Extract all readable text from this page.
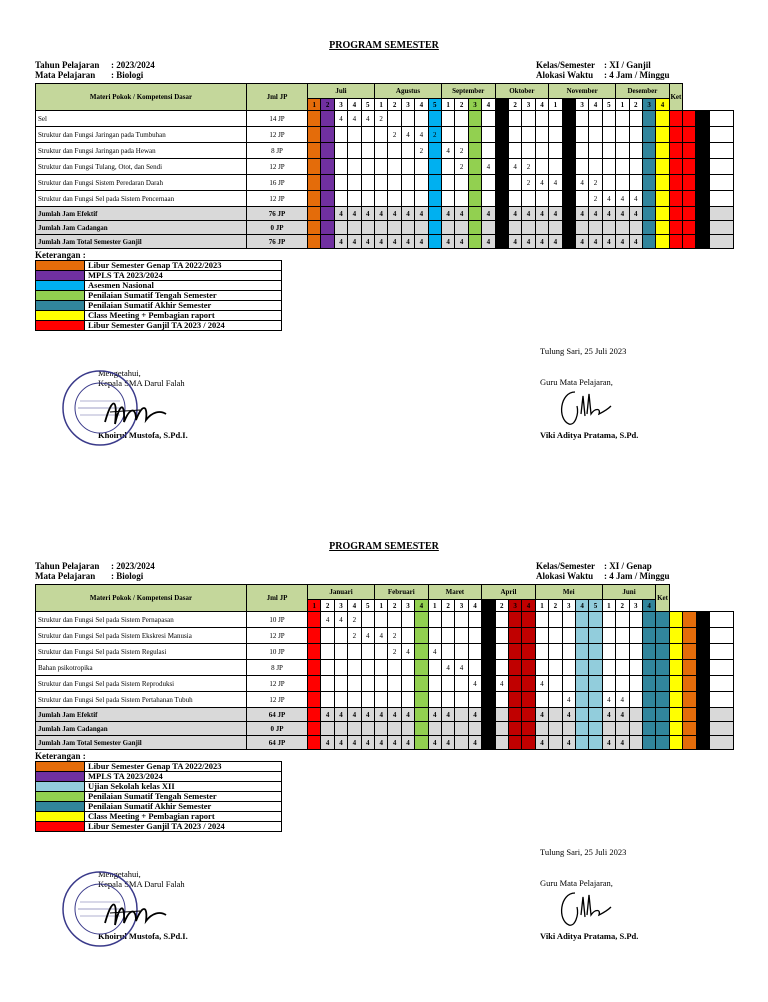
PROGRAM SEMESTER
Tahun Pelajaran : 2023/2024
Mata Pelajaran : Biologi
Kelas/Semester : XI / Ganjil
Alokasi Waktu : 4 Jam / Minggu
Materi Pokok / Kompetensi Dasar	Jml JP	Juli					Agustus					September				Oktober				November					Desember				Ket			
		1	2	3	4	5	1	2	3	4	5	1	2	3	4	1	2	3	4	1	2	3	4	5	1	2	3	4				
Sel	14 JP			4	4	4	2																									
Struktur dan Fungsi Jaringan pada Tumbuhan	12 JP							2	4	4	2																					
Struktur dan Fungsi Jaringan pada Hewan	8 JP									2		4	2																			
Struktur dan Fungsi Tulang, Otot, dan Sendi	12 JP												2		4		4	2														
Struktur dan Fungsi Sistem Peredaran Darah	16 JP																	2	4	4		4	2									
Struktur dan Fungsi Sel pada Sistem Pencernaan	12 JP																						2	4	4	4						
Jumlah Jam Efektif	76 JP			4	4	4	4	4	4	4		4	4		4		4	4	4	4		4	4	4	4	4						
Jumlah Jam Cadangan	0 JP																															
Jumlah Jam Total Semester Ganjil	76 JP			4	4	4	4	4	4	4		4	4		4		4	4	4	4		4	4	4	4	4						
Keterangan :
	Libur Semester Genap TA 2022/2023
	MPLS TA 2023/2024
	Asesmen Nasional
	Penilaian Sumatif Tengah Semester
	Penilaian Sumatif Akhir Semester
	Class Meeting + Pembagian raport
	Libur Semester Ganjil TA 2023 / 2024
Tulung Sari, 25 Juli 2023
Mengetahui,
Kepala SMA Darul Falah
Khoirul Mustofa, S.Pd.I.
Guru Mata Pelajaran,
Viki Aditya Pratama, S.Pd.
PROGRAM SEMESTER
Tahun Pelajaran : 2023/2024
Mata Pelajaran : Biologi
Kelas/Semester : XI / Genap
Alokasi Waktu : 4 Jam / Minggu
Materi Pokok / Kompetensi Dasar	Jml JP	Januari					Februari				Maret				April				Mei					Juni				Ket				
		1	2	3	4	5	1	2	3	4	1	2	3	4	1	2	3	4	1	2	3	4	5	1	2	3	4					
Struktur dan Fungsi Sel pada Sistem Pernapasan	10 JP		4	4	2																											
Struktur dan Fungsi Sel pada Sistem Ekskresi Manusia	12 JP				2	4	4	2																								
Struktur dan Fungsi Sel pada Sistem Regulasi	10 JP							2	4		4																					
Bahan psikotropika	8 JP											4	4																			
Struktur dan Fungsi Sel pada Sistem Reproduksi	12 JP													4		4			4													
Struktur dan Fungsi Sel pada Sistem Pertahanan Tubuh	12 JP																				4			4	4							
Jumlah Jam Efektif	64 JP		4	4	4	4	4	4	4		4	4		4					4		4			4	4							
Jumlah Jam Cadangan	0 JP																															
Jumlah Jam Total Semester Ganjil	64 JP		4	4	4	4	4	4	4		4	4		4					4		4			4	4							
Keterangan :
	Libur Semester Genap TA 2022/2023
	MPLS TA 2023/2024
	Ujian Sekolah kelas XII
	Penilaian Sumatif Tengah Semester
	Penilaian Sumatif Akhir Semester
	Class Meeting + Pembagian raport
	Libur Semester Ganjil TA 2023 / 2024
Tulung Sari, 25 Juli 2023
Mengetahui,
Kepala SMA Darul Falah
Khoirul Mustofa, S.Pd.I.
Guru Mata Pelajaran,
Viki Aditya Pratama, S.Pd.
